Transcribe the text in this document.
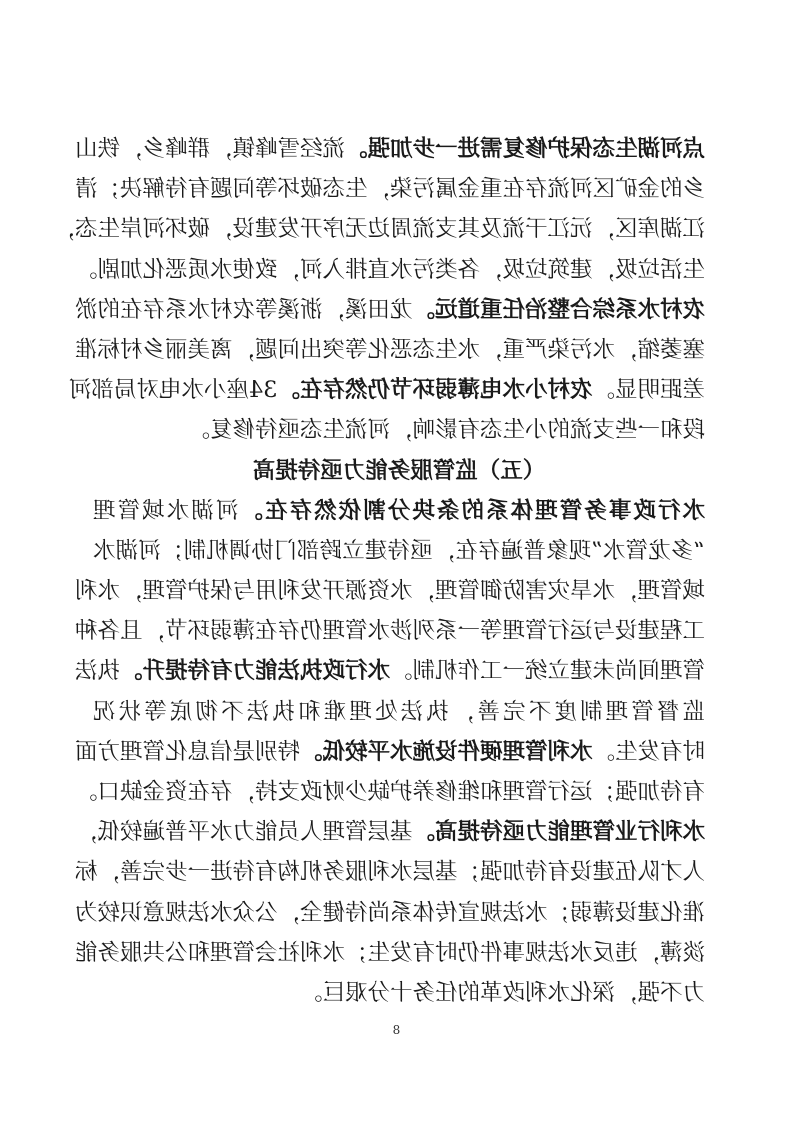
点河湖生态保护修复需进一步加强。流经雪峰镇，群峰乡，铁山
乡的金矿区河流存在重金属污染，生态破坏等问题有待解决；清
江湖库区，沅江干流及其支流周边无序开发建设，破坏河岸生态，
生活垃圾，建筑垃圾，各类污水直排入河，致使水质恶化加剧。
农村水系综合整治任重道远。龙田溪，浙溪等农村水系存在的淤
塞萎缩，水污染严重，水生态恶化等突出问题，离美丽乡村标准
差距明显。农村小水电薄弱环节仍然存在。34座小水电对局部河
段和一些支流的小生态有影响，河流生态亟待修复。
（五）监管服务能力亟待提高
水行政事务管理体系的条块分割依然存在。河湖水域管理
“多龙管水”现象普遍存在，亟待建立跨部门协调机制；河湖水
域管理，水旱灾害防御管理，水资源开发利用与保护管理，水利
工程建设与运行管理等一系列涉水管理仍存在薄弱环节，且各种
管理间尚未建立统一工作机制。水行政执法能力有待提升。执法
监督管理制度不完善，执法处理难和执法不彻底等状况
时有发生。水利管理硬件设施水平较低。特别是信息化管理方面
有待加强；运行管理和维修养护缺少财政支持，存在资金缺口。
水利行业管理能力亟待提高。基层管理人员能力水平普遍较低，
人才队伍建设有待加强；基层水利服务机构有待进一步完善，标
准化建设薄弱；水法规宣传体系尚待健全，公众水法规意识较为
淡薄，违反水法规事件仍时有发生；水利社会管理和公共服务能
力不强，深化水利改革的任务十分艰巨。
8
